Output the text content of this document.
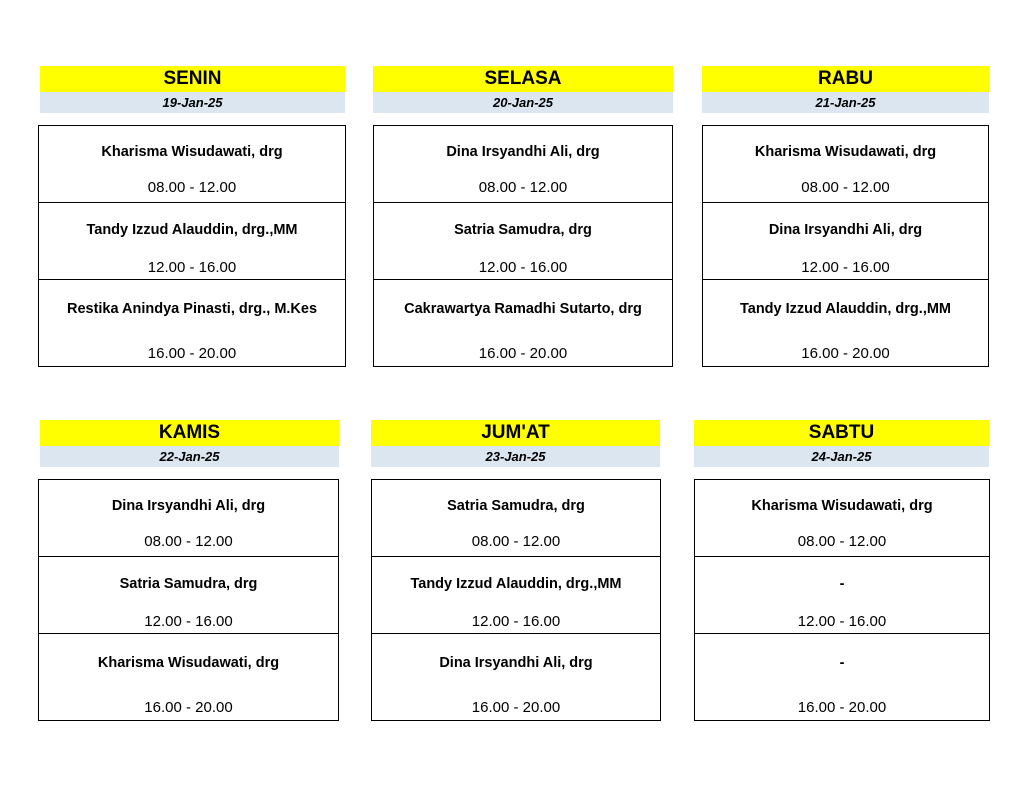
SENIN
19-Jan-25
Kharisma Wisudawati, drg
08.00 - 12.00
Tandy Izzud Alauddin, drg.,MM
12.00 - 16.00
Restika Anindya Pinasti, drg., M.Kes
16.00 - 20.00
SELASA
20-Jan-25
Dina Irsyandhi Ali, drg
08.00 - 12.00
Satria Samudra, drg
12.00 - 16.00
Cakrawartya Ramadhi Sutarto, drg
16.00 - 20.00
RABU
21-Jan-25
Kharisma Wisudawati, drg
08.00 - 12.00
Dina Irsyandhi Ali, drg
12.00 - 16.00
Tandy Izzud Alauddin, drg.,MM
16.00 - 20.00
KAMIS
22-Jan-25
Dina Irsyandhi Ali, drg
08.00 - 12.00
Satria Samudra, drg
12.00 - 16.00
Kharisma Wisudawati, drg
16.00 - 20.00
JUM'AT
23-Jan-25
Satria Samudra, drg
08.00 - 12.00
Tandy Izzud Alauddin, drg.,MM
12.00 - 16.00
Dina Irsyandhi Ali, drg
16.00 - 20.00
SABTU
24-Jan-25
Kharisma Wisudawati, drg
08.00 - 12.00
-
12.00 - 16.00
-
16.00 - 20.00
